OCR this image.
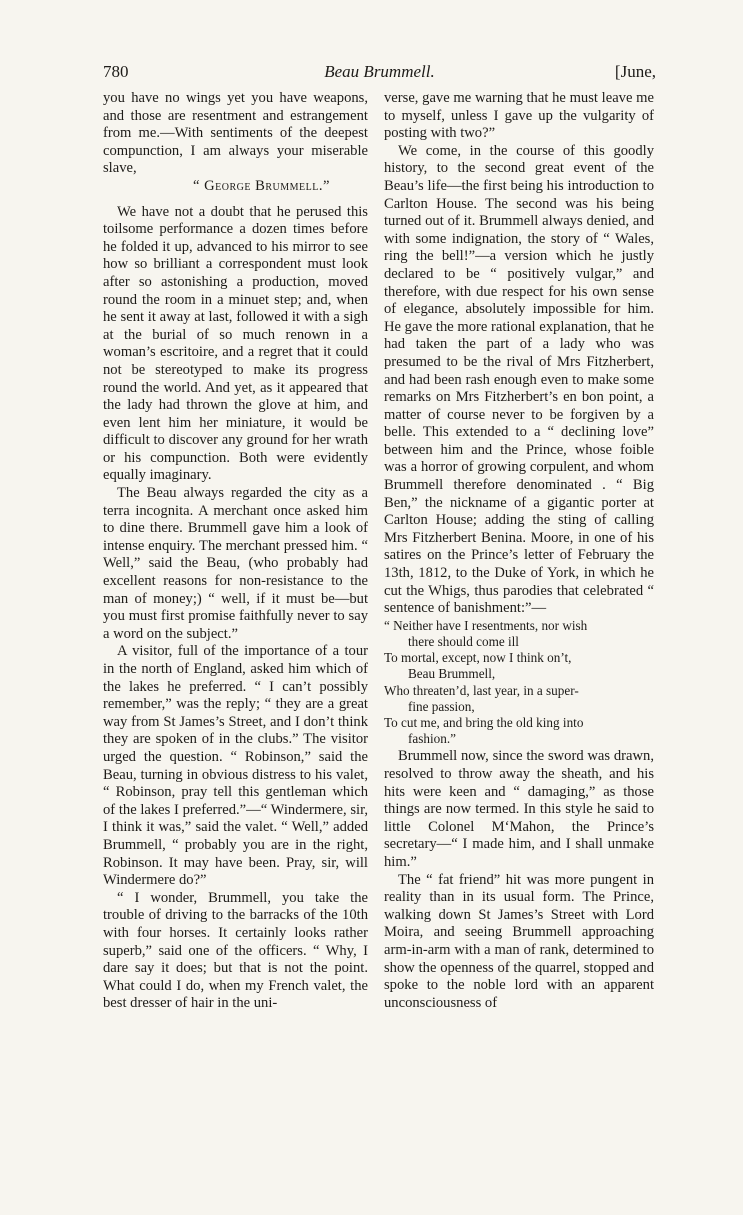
780	Beau Brummell.	[June,

you have no wings yet you have weapons, and those are resentment and estrangement from me.—With sentiments of the deepest compunction, I am always your miserable slave,

“ George Brummell.”

We have not a doubt that he perused this toilsome performance a dozen times before he folded it up, advanced to his mirror to see how so brilliant a correspondent must look after so astonishing a production, moved round the room in a minuet step; and, when he sent it away at last, followed it with a sigh at the burial of so much renown in a woman’s escritoire, and a regret that it could not be stereotyped to make its progress round the world. And yet, as it appeared that the lady had thrown the glove at him, and even lent him her miniature, it would be difficult to discover any ground for her wrath or his compunction. Both were evidently equally imaginary.

The Beau always regarded the city as a terra incognita. A merchant once asked him to dine there. Brummell gave him a look of intense enquiry. The merchant pressed him. “ Well,” said the Beau, (who probably had excellent reasons for non-resistance to the man of money;) “ well, if it must be—but you must first promise faithfully never to say a word on the subject.”

A visitor, full of the importance of a tour in the north of England, asked him which of the lakes he preferred. “ I can’t possibly remember,” was the reply; “ they are a great way from St James’s Street, and I don’t think they are spoken of in the clubs.” The visitor urged the question. “ Robinson,” said the Beau, turning in obvious distress to his valet, “ Robinson, pray tell this gentleman which of the lakes I preferred.”—“ Windermere, sir, I think it was,” said the valet. “ Well,” added Brummell, “ probably you are in the right, Robinson. It may have been. Pray, sir, will Windermere do?”

“ I wonder, Brummell, you take the trouble of driving to the barracks of the 10th with four horses. It certainly looks rather superb,” said one of the officers. “ Why, I dare say it does; but that is not the point. What could I do, when my French valet, the best dresser of hair in the uni-

verse, gave me warning that he must leave me to myself, unless I gave up the vulgarity of posting with two?”

We come, in the course of this goodly history, to the second great event of the Beau’s life—the first being his introduction to Carlton House. The second was his being turned out of it. Brummell always denied, and with some indignation, the story of “ Wales, ring the bell!”—a version which he justly declared to be “ positively vulgar,” and therefore, with due respect for his own sense of elegance, absolutely impossible for him. He gave the more rational explanation, that he had taken the part of a lady who was presumed to be the rival of Mrs Fitzherbert, and had been rash enough even to make some remarks on Mrs Fitzherbert’s en bon point, a matter of course never to be forgiven by a belle. This extended to a “ declining love” between him and the Prince, whose foible was a horror of growing corpulent, and whom Brummell therefore denominated . “ Big Ben,” the nickname of a gigantic porter at Carlton House; adding the sting of calling Mrs Fitzherbert Benina. Moore, in one of his satires on the Prince’s letter of February the 13th, 1812, to the Duke of York, in which he cut the Whigs, thus parodies that celebrated “ sentence of banishment:”—

“ Neither have I resentments, nor wish
there should come ill
To mortal, except, now I think on’t,
Beau Brummell,
Who threaten’d, last year, in a super-
fine passion,
To cut me, and bring the old king into
fashion.”

Brummell now, since the sword was drawn, resolved to throw away the sheath, and his hits were keen and “ damaging,” as those things are now termed. In this style he said to little Colonel M‘Mahon, the Prince’s secretary—“ I made him, and I shall unmake him.”

The “ fat friend” hit was more pungent in reality than in its usual form. The Prince, walking down St James’s Street with Lord Moira, and seeing Brummell approaching arm-in-arm with a man of rank, determined to show the openness of the quarrel, stopped and spoke to the noble lord with an apparent unconsciousness of
